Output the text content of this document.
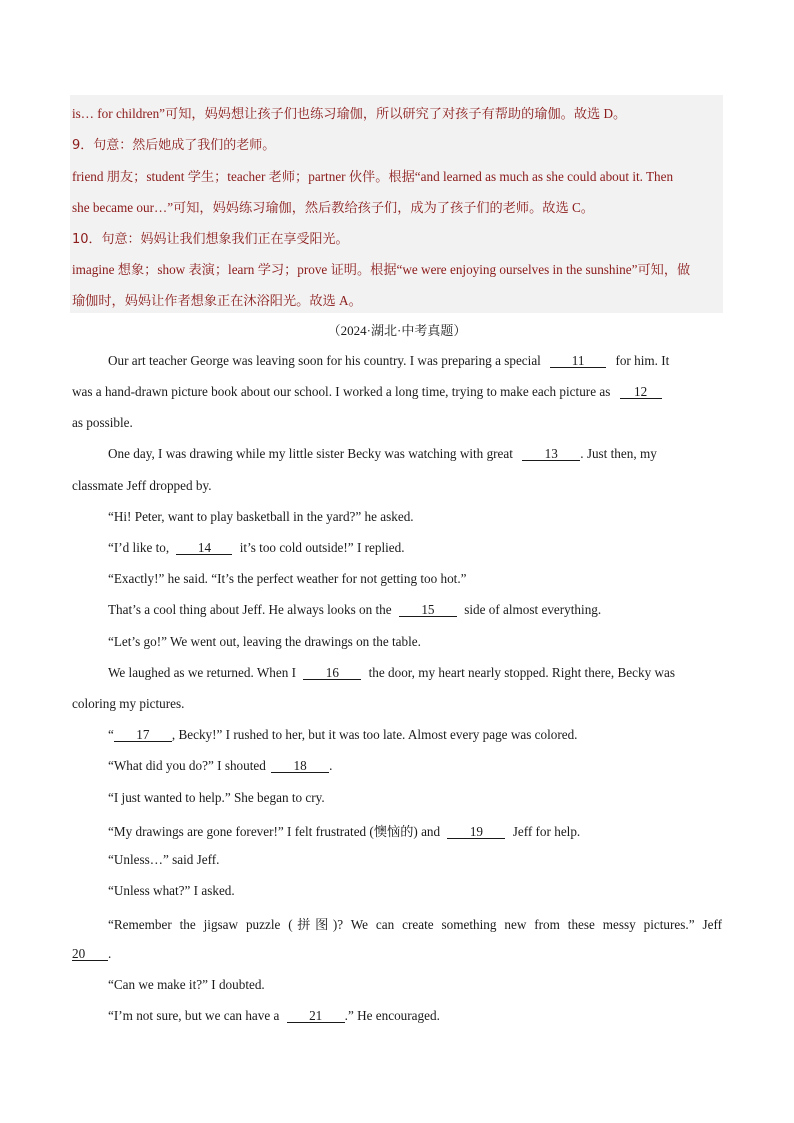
is… for children”可知，妈妈想让孩子们也练习瑜伽，所以研究了对孩子有帮助的瑜伽。故选 D。
9．句意：然后她成了我们的老师。
friend 朋友；student 学生；teacher 老师；partner 伙伴。根据“and learned as much as she could about it. Then
she became our…”可知，妈妈练习瑜伽，然后教给孩子们，成为了孩子们的老师。故选 C。
10．句意：妈妈让我们想象我们正在享受阳光。
imagine 想象；show 表演；learn 学习；prove 证明。根据“we were enjoying ourselves in the sunshine”可知，做
瑜伽时，妈妈让作者想象正在沐浴阳光。故选 A。
（2024·湖北·中考真题）
Our art teacher George was leaving soon for his country. I was preparing a special 11 for him. It
was a hand-drawn picture book about our school. I worked a long time, trying to make each picture as 12
as possible.
One day, I was drawing while my little sister Becky was watching with great 13 . Just then, my
classmate Jeff dropped by.
“Hi! Peter, want to play basketball in the yard?” he asked.
“I’d like to, 14 it’s too cold outside!” I replied.
“Exactly!” he said. “It’s the perfect weather for not getting too hot.”
That’s a cool thing about Jeff. He always looks on the 15 side of almost everything.
“Let’s go!” We went out, leaving the drawings on the table.
We laughed as we returned. When I 16 the door, my heart nearly stopped. Right there, Becky was
coloring my pictures.
“ 17 , Becky!” I rushed to her, but it was too late. Almost every page was colored.
“What did you do?” I shouted 18 .
“I just wanted to help.” She began to cry.
“My drawings are gone forever!” I felt frustrated (懊恼的) and 19 Jeff for help.
“Unless…” said Jeff.
“Unless what?” I asked.
“Remember the jigsaw puzzle (拼图)? We can create something new from these messy pictures.” Jeff
20 .
“Can we make it?” I doubted.
“I’m not sure, but we can have a 21 .” He encouraged.
